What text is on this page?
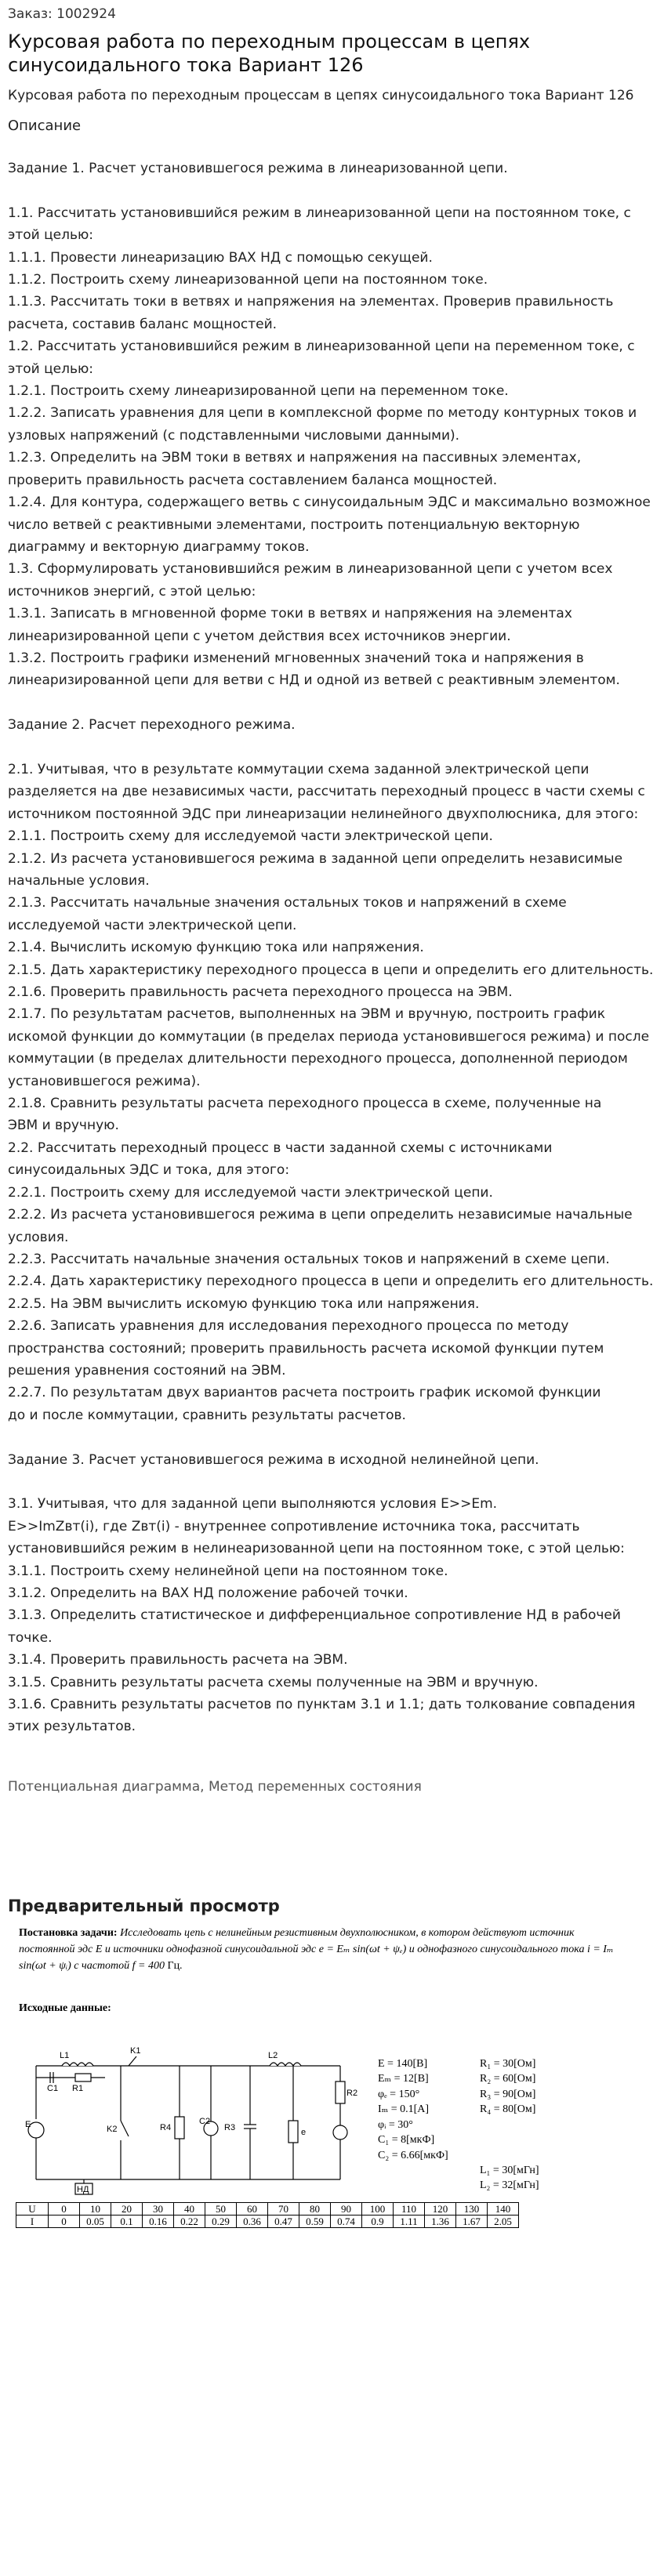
Заказ: 1002924
Курсовая работа по переходным процессам в цепях синусоидального тока Вариант 126
Курсовая работа по переходным процессам в цепях синусоидального тока Вариант 126
Описание
Задание 1. Расчет установившегося режима в линеаризованной цепи.

1.1. Рассчитать установившийся режим в линеаризованной цепи на постоянном токе, с этой целью:
1.1.1. Провести линеаризацию ВАХ НД с помощью секущей.
1.1.2. Построить схему линеаризованной цепи на постоянном токе.
1.1.3. Рассчитать токи в ветвях и напряжения на элементах. Проверив правильность
расчета, составив баланс мощностей.
1.2. Рассчитать установившийся режим в линеаризованной цепи на переменном токе, с этой целью:
1.2.1. Построить схему линеаризированной цепи на переменном токе.
1.2.2. Записать уравнения для цепи в комплексной форме по методу контурных токов и узловых напряжений (с подставленными числовыми данными).
1.2.3. Определить на ЭВМ токи в ветвях и напряжения на пассивных элементах, проверить правильность расчета составлением баланса мощностей.
1.2.4. Для контура, содержащего ветвь с синусоидальным ЭДС и максимально возможное число ветвей с реактивными элементами, построить потенциальную векторную диаграмму и векторную диаграмму токов.
1.3. Сформулировать установившийся режим в линеаризованной цепи с учетом всех
источников энергий, с этой целью:
1.3.1. Записать в мгновенной форме токи в ветвях и напряжения на элементах линеаризированной цепи с учетом действия всех источников энергии.
1.3.2. Построить графики изменений мгновенных значений тока и напряжения в линеаризированной цепи для ветви с НД и одной из ветвей с реактивным элементом.

Задание 2. Расчет переходного режима.

2.1. Учитывая, что в результате коммутации схема заданной электрической цепи разделяется на две независимых части, рассчитать переходный процесс в части схемы с источником постоянной ЭДС при линеаризации нелинейного двухполюсника, для этого:
2.1.1. Построить схему для исследуемой части электрической цепи.
2.1.2. Из расчета установившегося режима в заданной цепи определить независимые начальные условия.
2.1.3. Рассчитать начальные значения остальных токов и напряжений в схеме исследуемой части электрической цепи.
2.1.4. Вычислить искомую функцию тока или напряжения.
2.1.5. Дать характеристику переходного процесса в цепи и определить его длительность.
2.1.6. Проверить правильность расчета переходного процесса на ЭВМ.
2.1.7. По результатам расчетов, выполненных на ЭВМ и вручную, построить график
искомой функции до коммутации (в пределах периода установившегося режима) и после коммутации (в пределах длительности переходного процесса, дополненной периодом установившегося режима).
2.1.8. Сравнить результаты расчета переходного процесса в схеме, полученные на
ЭВМ и вручную.
2.2. Рассчитать переходный процесс в части заданной схемы с источниками синусоидальных ЭДС и тока, для этого:
2.2.1. Построить схему для исследуемой части электрической цепи.
2.2.2. Из расчета установившегося режима в цепи определить независимые начальные условия.
2.2.3. Рассчитать начальные значения остальных токов и напряжений в схеме цепи.
2.2.4. Дать характеристику переходного процесса в цепи и определить его длительность.
2.2.5. На ЭВМ вычислить искомую функцию тока или напряжения.
2.2.6. Записать уравнения для исследования переходного процесса по методу пространства состояний; проверить правильность расчета искомой функции путем решения уравнения состояний на ЭВМ.
2.2.7. По результатам двух вариантов расчета построить график искомой функции
до и после коммутации, сравнить результаты расчетов.

Задание 3. Расчет установившегося режима в исходной нелинейной цепи.

3.1. Учитывая, что для заданной цепи выполняются условия E>>Em.
E>>ImZвт(i), где Zвт(i) - внутреннее сопротивление источника тока, рассчитать установившийся режим в нелинеаризованной цепи на постоянном токе, с этой целью:
3.1.1. Построить схему нелинейной цепи на постоянном токе.
3.1.2. Определить на ВАХ НД положение рабочей точки.
3.1.3. Определить статистическое и дифференциальное сопротивление НД в рабочей точке.
3.1.4. Проверить правильность расчета на ЭВМ.
3.1.5. Сравнить результаты расчета схемы полученные на ЭВМ и вручную.
3.1.6. Сравнить результаты расчетов по пунктам 3.1 и 1.1; дать толкование совпадения этих результатов.
Потенциальная диаграмма, Метод переменных состояния
Предварительный просмотр

Постановка задачи: Исследовать цепь с нелинейным резистивным двухполюсником, в котором действуют источник постоянной эдс E и источники однофазной синусоидальной эдс e = Eₘ sin(ωt + ψₑ) и однофазного синусоидального тока i = Iₘ sin(ωt + ψᵢ) с частотой f = 400 Гц.

Исходные данные:

L1	K1	L2
C1 R1	R2
E	K2	R4
C2
R3	e
НД
E = 140[B]
Eₘ = 12[B]
φₑ = 150°
Iₘ = 0.1[A]
φᵢ = 30°
C₁ = 8[мкФ]
C₂ = 6.66[мкФ]
R₁ = 30[Ом]
R₂ = 60[Ом]
R₃ = 90[Ом]
R₄ = 80[Ом]
L₁ = 30[мГн]
L₂ = 32[мГн]
U	0	10	20	30	40	50	60	70	80	90	100	110	120	130	140
I	0	0.05	0.1	0.16	0.22	0.29	0.36	0.47	0.59	0.74	0.9	1.11	1.36	1.67	2.05
